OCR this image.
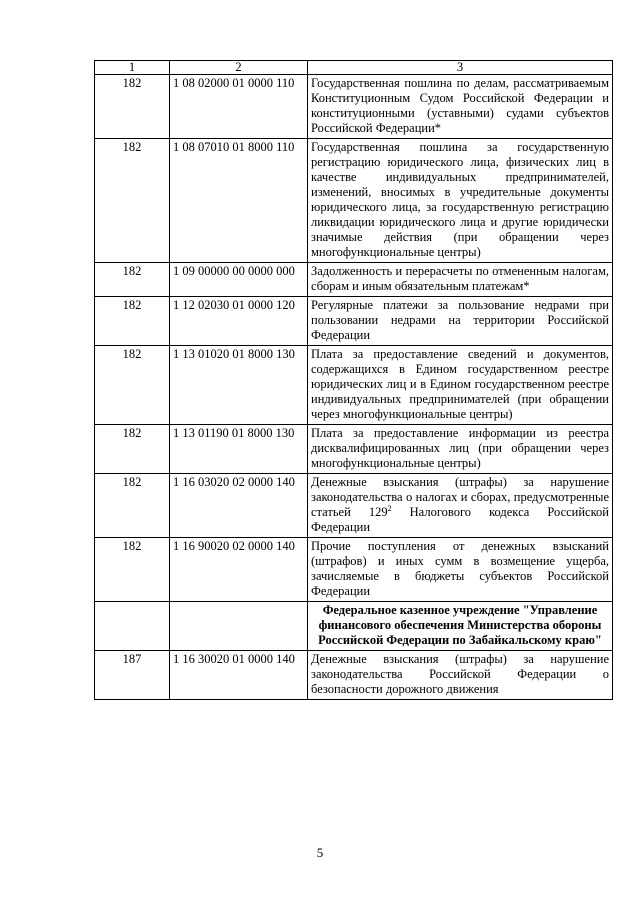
1	2	3
182	1 08 02000 01 0000 110	Государственная пошлина по делам, рассматриваемым Конституционным Судом Российской Федерации и конституционными (уставными) судами субъектов Российской Федерации*
182	1 08 07010 01 8000 110	Государственная пошлина за государственную регистрацию юридического лица, физических лиц в качестве индивидуальных предпринимателей, изменений, вносимых в учредительные документы юридического лица, за государственную регистрацию ликвидации юридического лица и другие юридически значимые действия (при обращении через многофункциональные центры)
182	1 09 00000 00 0000 000	Задолженность и перерасчеты по отмененным налогам, сборам и иным обязательным платежам*
182	1 12 02030 01 0000 120	Регулярные платежи за пользование недрами при пользовании недрами на территории Российской Федерации
182	1 13 01020 01 8000 130	Плата за предоставление сведений и документов, содержащихся в Едином государственном реестре юридических лиц и в Едином государственном реестре индивидуальных предпринимателей (при обращении через многофункциональные центры)
182	1 13 01190 01 8000 130	Плата за предоставление информации из реестра дисквалифицированных лиц (при обращении через многофункциональные центры)
182	1 16 03020 02 0000 140	Денежные взыскания (штрафы) за нарушение законодательства о налогах и сборах, предусмотренные статьей $129^2$ Налогового кодекса Российской Федерации
182	1 16 90020 02 0000 140	Прочие поступления от денежных взысканий (штрафов) и иных сумм в возмещение ущерба, зачисляемые в бюджеты субъектов Российской Федерации
		Федеральное казенное учреждение "Управление финансового обеспечения Министерства обороны Российской Федерации по Забайкальскому краю"
187	1 16 30020 01 0000 140	Денежные взыскания (штрафы) за нарушение законодательства Российской Федерации о безопасности дорожного движения
5
